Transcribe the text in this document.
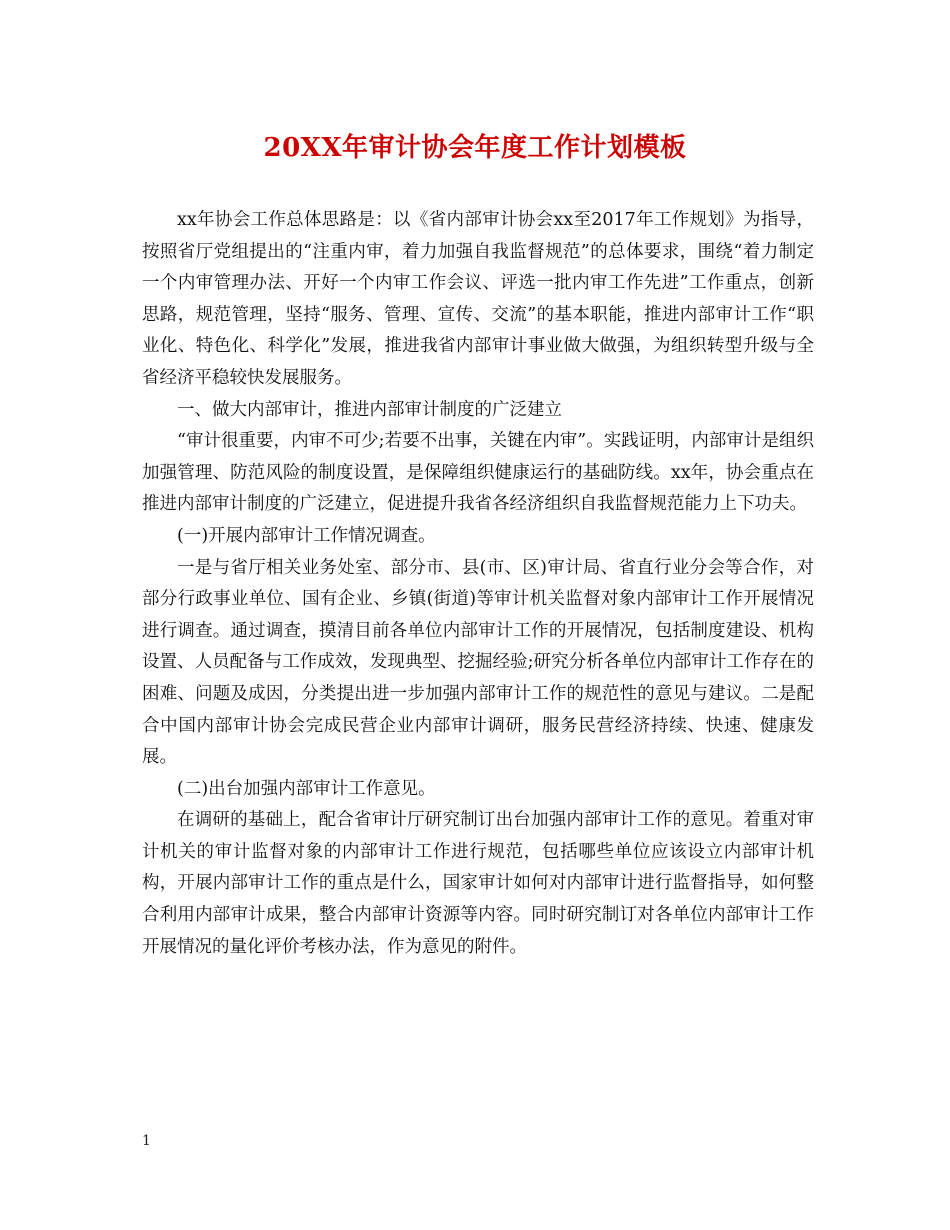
20XX年审计协会年度工作计划模板

xx年协会工作总体思路是：以《省内部审计协会xx至2017年工作规划》为指导，按照省厅党组提出的“注重内审，着力加强自我监督规范”的总体要求，围绕“着力制定一个内审管理办法、开好一个内审工作会议、评选一批内审工作先进”工作重点，创新思路，规范管理，坚持“服务、管理、宣传、交流”的基本职能，推进内部审计工作“职业化、特色化、科学化”发展，推进我省内部审计事业做大做强，为组织转型升级与全省经济平稳较快发展服务。

一、做大内部审计，推进内部审计制度的广泛建立

“审计很重要，内审不可少;若要不出事，关键在内审”。实践证明，内部审计是组织加强管理、防范风险的制度设置，是保障组织健康运行的基础防线。xx年，协会重点在推进内部审计制度的广泛建立，促进提升我省各经济组织自我监督规范能力上下功夫。

(一)开展内部审计工作情况调查。

一是与省厅相关业务处室、部分市、县(市、区)审计局、省直行业分会等合作，对部分行政事业单位、国有企业、乡镇(街道)等审计机关监督对象内部审计工作开展情况进行调查。通过调查，摸清目前各单位内部审计工作的开展情况，包括制度建设、机构设置、人员配备与工作成效，发现典型、挖掘经验;研究分析各单位内部审计工作存在的困难、问题及成因，分类提出进一步加强内部审计工作的规范性的意见与建议。二是配合中国内部审计协会完成民营企业内部审计调研，服务民营经济持续、快速、健康发展。

(二)出台加强内部审计工作意见。

在调研的基础上，配合省审计厅研究制订出台加强内部审计工作的意见。着重对审计机关的审计监督对象的内部审计工作进行规范，包括哪些单位应该设立内部审计机构，开展内部审计工作的重点是什么，国家审计如何对内部审计进行监督指导，如何整合利用内部审计成果，整合内部审计资源等内容。同时研究制订对各单位内部审计工作开展情况的量化评价考核办法，作为意见的附件。

1
